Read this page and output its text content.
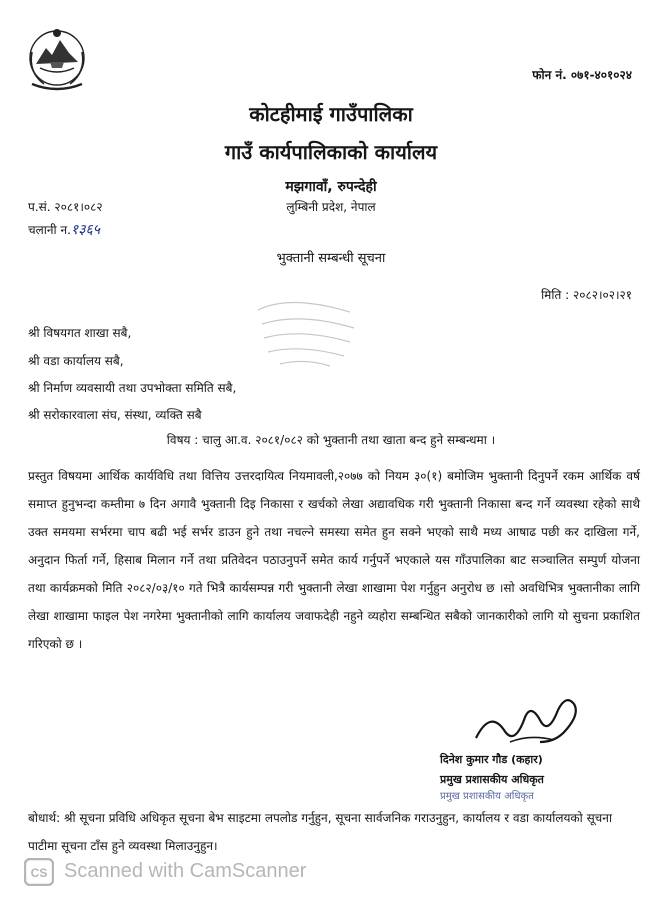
फोन नं. ०७१-४०१०२४
कोटहीमाई गाउँपालिका
गाउँ कार्यपालिकाको कार्यालय
मझगावाँ, रुपन्देही
लुम्बिनी प्रदेश, नेपाल
प.सं. २०८१।०८२
चलानी न.१३६५
भुक्तानी सम्बन्धी सूचना
मिति : २०८२।०२।२१
श्री विषयगत शाखा सबै,
श्री वडा कार्यालय सबै,
श्री निर्माण व्यवसायी तथा उपभोक्ता समिति सबै,
श्री सरोकारवाला संघ, संस्था, व्यक्ति सबै
विषय : चालु आ.व. २०८१/०८२ को भुक्तानी तथा खाता बन्द हुने सम्बन्धमा ।

प्रस्तुत विषयमा आर्थिक कार्यविधि तथा वित्तिय उत्तरदायित्व नियमावली,२०७७ को नियम ३०(१) बमोजिम भुक्तानी दिनुपर्ने रकम आर्थिक वर्ष समाप्त हुनुभन्दा कम्तीमा ७ दिन अगावै भुक्तानी दिइ निकासा र खर्चको लेखा अद्यावधिक गरी भुक्तानी निकासा बन्द गर्ने व्यवस्था रहेको साथै उक्त समयमा सर्भरमा चाप बढी भई सर्भर डाउन हुने तथा नचल्ने समस्या समेत हुन सक्ने भएको साथै मध्य आषाढ पछी कर दाखिला गर्ने, अनुदान फिर्ता गर्ने, हिसाब मिलान गर्ने तथा प्रतिवेदन पठाउनुपर्ने समेत कार्य गर्नुपर्ने भएकाले यस गाँउपालिका बाट सञ्चालित सम्पुर्ण योजना तथा कार्यक्रमको मिति २०८२/०३/१० गते भित्रै कार्यसम्पन्न गरी भुक्तानी लेखा शाखामा पेश गर्नुहुन अनुरोध छ ।सो अवधिभित्र भुक्तानीका लागि लेखा शाखामा फाइल पेश नगरेमा भुक्तानीको लागि कार्यालय जवाफदेही नहुने व्यहोरा सम्बन्धित सबैको जानकारीको लागि यो सुचना प्रकाशित गरिएको छ ।

दिनेश कुमार गौड (कहार)
प्रमुख प्रशासकीय अधिकृत
प्रमुख प्रशासकीय अधिकृत

बोधार्थ: श्री सूचना प्रविधि अधिकृत सूचना बेभ साइटमा लपलोड गर्नुहुन, सूचना सार्वजनिक गराउनुहुन, कार्यालय र वडा कार्यालयको सूचना पाटीमा सूचना टाँस हुने व्यवस्था मिलाउनुहुन।

CS Scanned with CamScanner
